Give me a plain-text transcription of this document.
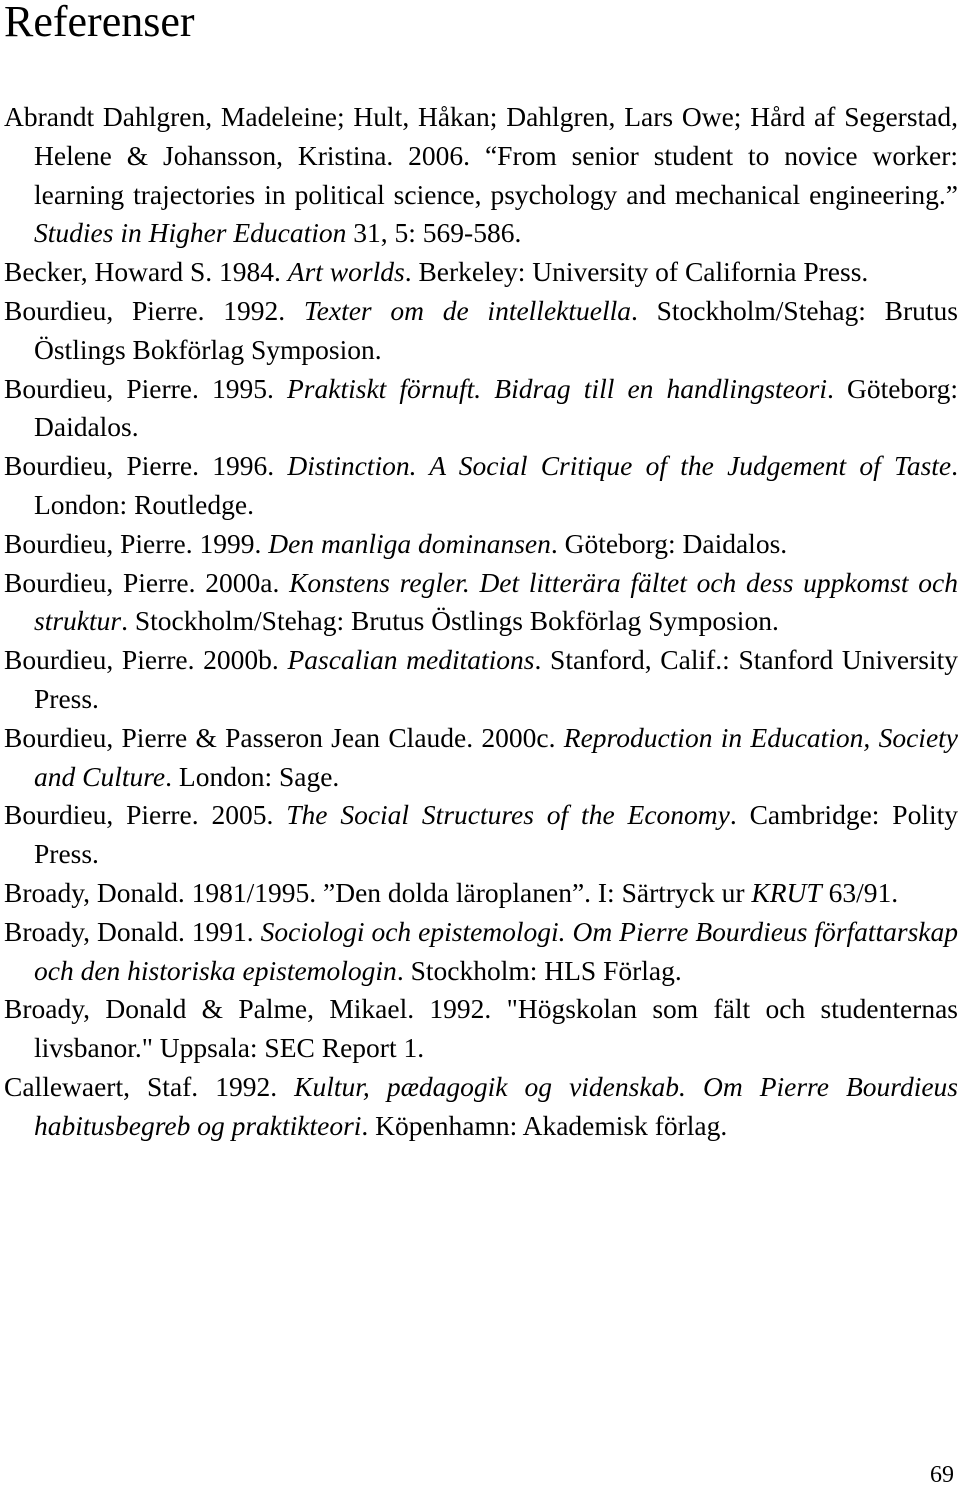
Referenser
Abrandt Dahlgren, Madeleine; Hult, Håkan; Dahlgren, Lars Owe; Hård af Segerstad, Helene & Johansson, Kristina. 2006. “From senior student to novice worker: learning trajectories in political science, psychology and mechanical engineering.” Studies in Higher Education 31, 5: 569-586.
Becker, Howard S. 1984. Art worlds. Berkeley: University of California Press.
Bourdieu, Pierre. 1992. Texter om de intellektuella. Stockholm/Stehag: Brutus Östlings Bokförlag Symposion.
Bourdieu, Pierre. 1995. Praktiskt förnuft. Bidrag till en handlingsteori. Göteborg: Daidalos.
Bourdieu, Pierre. 1996. Distinction. A Social Critique of the Judgement of Taste. London: Routledge.
Bourdieu, Pierre. 1999. Den manliga dominansen. Göteborg: Daidalos.
Bourdieu, Pierre. 2000a. Konstens regler. Det litterära fältet och dess uppkomst och struktur. Stockholm/Stehag: Brutus Östlings Bokförlag Symposion.
Bourdieu, Pierre. 2000b. Pascalian meditations. Stanford, Calif.: Stanford University Press.
Bourdieu, Pierre & Passeron Jean Claude. 2000c. Reproduction in Education, Society and Culture. London: Sage.
Bourdieu, Pierre. 2005. The Social Structures of the Economy. Cambridge: Polity Press.
Broady, Donald. 1981/1995. ”Den dolda läroplanen”. I: Särtryck ur KRUT 63/91.
Broady, Donald. 1991. Sociologi och epistemologi. Om Pierre Bourdieus författarskap och den historiska epistemologin. Stockholm: HLS Förlag.
Broady, Donald & Palme, Mikael. 1992. "Högskolan som fält och studenternas livsbanor." Uppsala: SEC Report 1.
Callewaert, Staf. 1992. Kultur, pædagogik og videnskab. Om Pierre Bourdieus habitusbegreb og praktikteori. Köpenhamn: Akademisk förlag.
69
